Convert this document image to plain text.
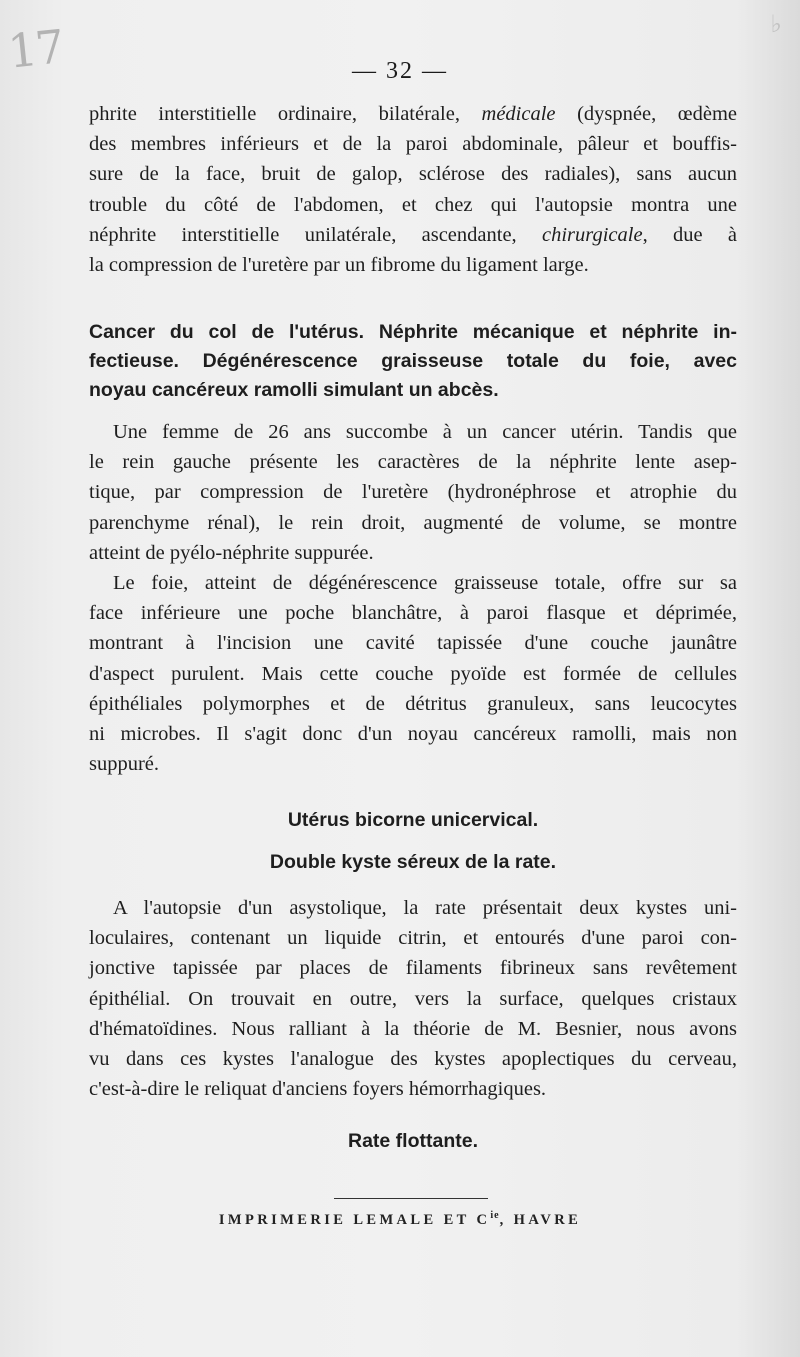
17	♭
— 32 —

phrite interstitielle ordinaire, bilatérale, médicale (dyspnée, œdème
des membres inférieurs et de la paroi abdominale, pâleur et bouffis-
sure de la face, bruit de galop, sclérose des radiales), sans aucun
trouble du côté de l'abdomen, et chez qui l'autopsie montra une
néphrite interstitielle unilatérale, ascendante, chirurgicale, due à
la compression de l'uretère par un fibrome du ligament large.

Cancer du col de l'utérus. Néphrite mécanique et néphrite in-
fectieuse. Dégénérescence graisseuse totale du foie, avec
noyau cancéreux ramolli simulant un abcès.

Une femme de 26 ans succombe à un cancer utérin. Tandis que
le rein gauche présente les caractères de la néphrite lente asep-
tique, par compression de l'uretère (hydronéphrose et atrophie du
parenchyme rénal), le rein droit, augmenté de volume, se montre
atteint de pyélo-néphrite suppurée.

Le foie, atteint de dégénérescence graisseuse totale, offre sur sa
face inférieure une poche blanchâtre, à paroi flasque et déprimée,
montrant à l'incision une cavité tapissée d'une couche jaunâtre
d'aspect purulent. Mais cette couche pyoïde est formée de cellules
épithéliales polymorphes et de détritus granuleux, sans leucocytes
ni microbes. Il s'agit donc d'un noyau cancéreux ramolli, mais non
suppuré.

Utérus bicorne unicervical.

Double kyste séreux de la rate.

A l'autopsie d'un asystolique, la rate présentait deux kystes uni-
loculaires, contenant un liquide citrin, et entourés d'une paroi con-
jonctive tapissée par places de filaments fibrineux sans revêtement
épithélial. On trouvait en outre, vers la surface, quelques cristaux
d'hématoïdines. Nous ralliant à la théorie de M. Besnier, nous avons
vu dans ces kystes l'analogue des kystes apoplectiques du cerveau,
c'est-à-dire le reliquat d'anciens foyers hémorrhagiques.

Rate flottante.

IMPRIMERIE LEMALE ET $C^{ie}$, HAVRE
